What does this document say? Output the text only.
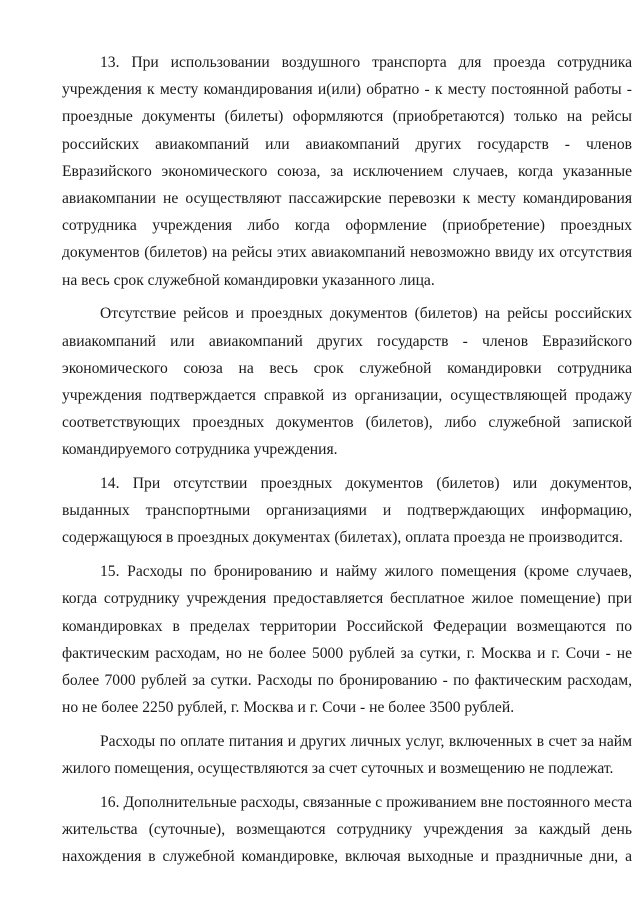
13. При использовании воздушного транспорта для проезда сотрудника учреждения к месту командирования и(или) обратно - к месту постоянной работы - проездные документы (билеты) оформляются (приобретаются) только на рейсы российских авиакомпаний или авиакомпаний других государств - членов Евразийского экономического союза, за исключением случаев, когда указанные авиакомпании не осуществляют пассажирские перевозки к месту командирования сотрудника учреждения либо когда оформление (приобретение) проездных документов (билетов) на рейсы этих авиакомпаний невозможно ввиду их отсутствия на весь срок служебной командировки указанного лица.

Отсутствие рейсов и проездных документов (билетов) на рейсы российских авиакомпаний или авиакомпаний других государств - членов Евразийского экономического союза на весь срок служебной командировки сотрудника учреждения подтверждается справкой из организации, осуществляющей продажу соответствующих проездных документов (билетов), либо служебной запиской командируемого сотрудника учреждения.

14. При отсутствии проездных документов (билетов) или документов, выданных транспортными организациями и подтверждающих информацию, содержащуюся в проездных документах (билетах), оплата проезда не производится.

15. Расходы по бронированию и найму жилого помещения (кроме случаев, когда сотруднику учреждения предоставляется бесплатное жилое помещение) при командировках в пределах территории Российской Федерации возмещаются по фактическим расходам, но не более 5000 рублей за сутки, г. Москва и г. Сочи - не более 7000 рублей за сутки. Расходы по бронированию - по фактическим расходам, но не более 2250 рублей, г. Москва и г. Сочи - не более 3500 рублей.

Расходы по оплате питания и других личных услуг, включенных в счет за найм жилого помещения, осуществляются за счет суточных и возмещению не подлежат.

16. Дополнительные расходы, связанные с проживанием вне постоянного места жительства (суточные), возмещаются сотруднику учреждения за каждый день нахождения в служебной командировке, включая выходные и праздничные дни, а
